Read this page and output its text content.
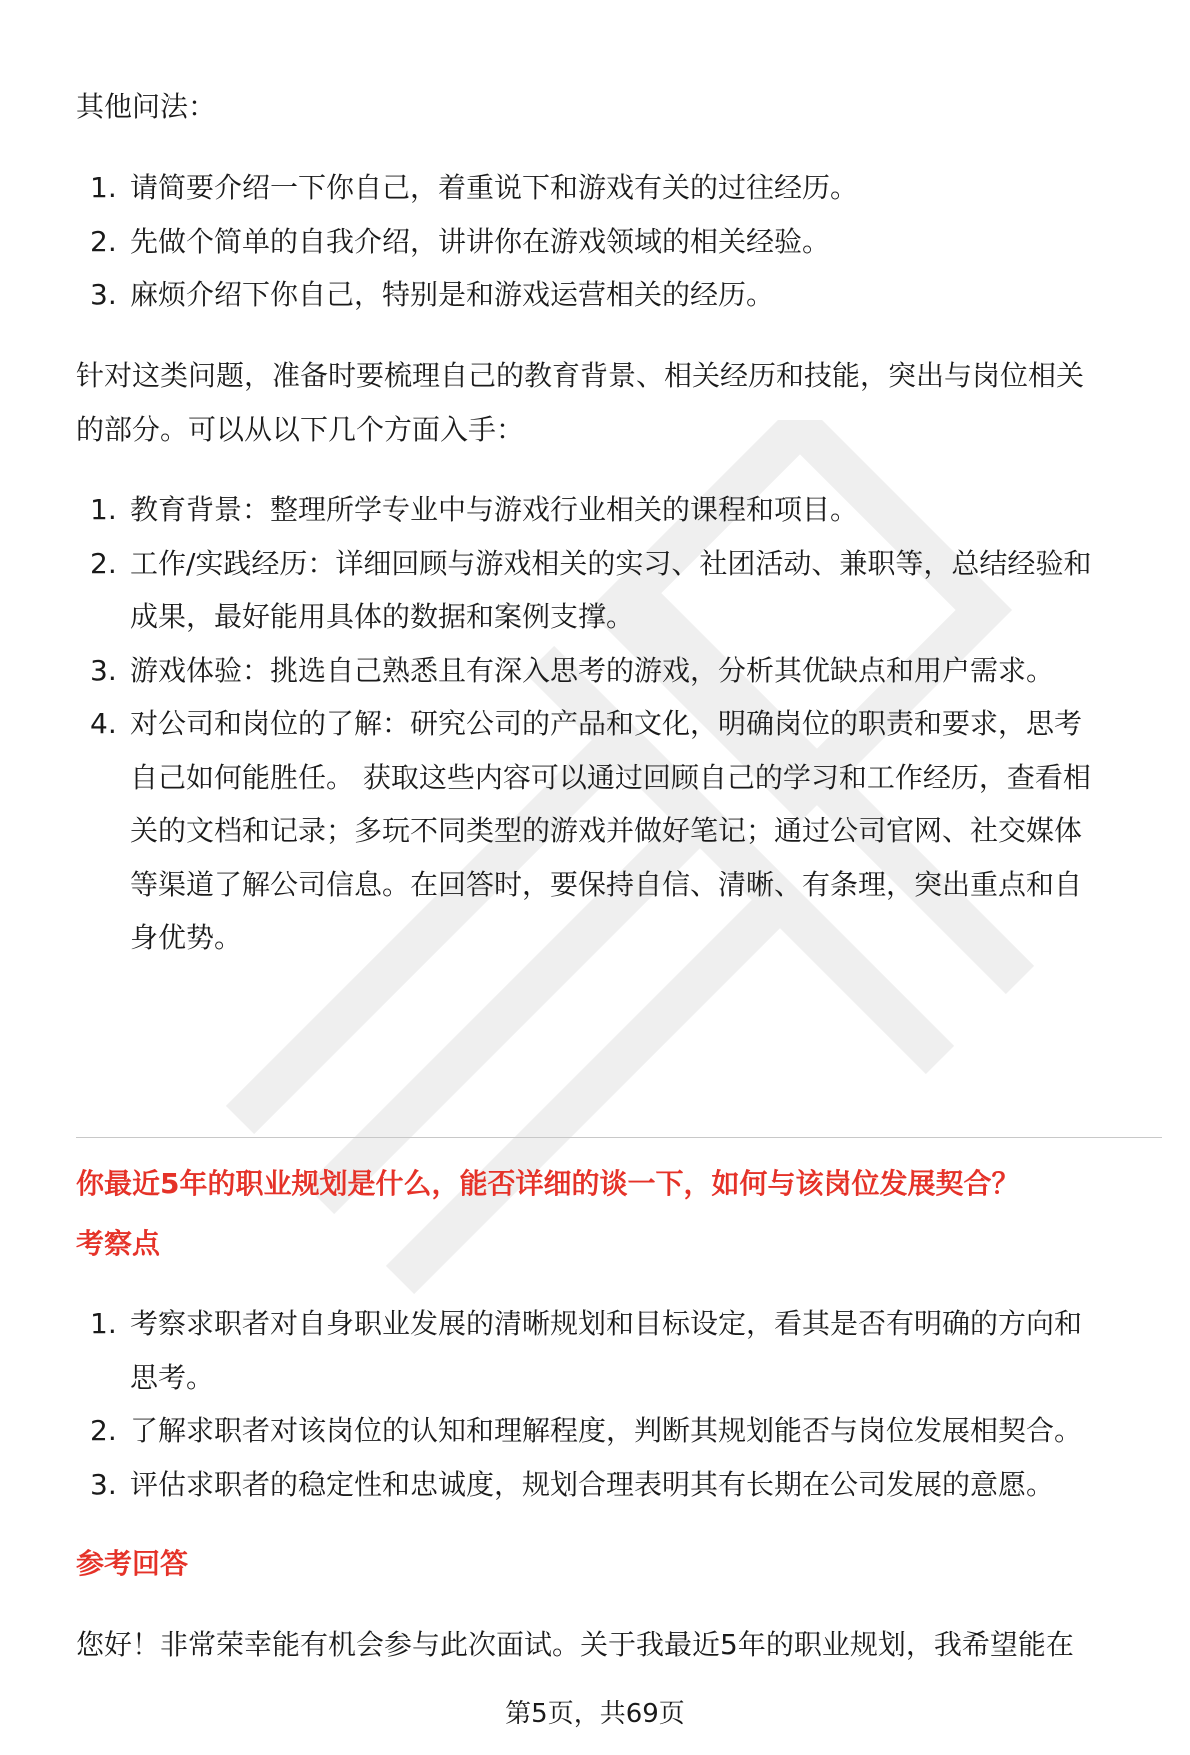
其他问法：
1. 请简要介绍一下你自己，着重说下和游戏有关的过往经历。
2. 先做个简单的自我介绍，讲讲你在游戏领域的相关经验。
3. 麻烦介绍下你自己，特别是和游戏运营相关的经历。
针对这类问题，准备时要梳理自己的教育背景、相关经历和技能，突出与岗位相关
的部分。可以从以下几个方面入手：
1. 教育背景：整理所学专业中与游戏行业相关的课程和项目。
2. 工作/实践经历：详细回顾与游戏相关的实习、社团活动、兼职等，总结经验和
成果，最好能用具体的数据和案例支撑。
3. 游戏体验：挑选自己熟悉且有深入思考的游戏，分析其优缺点和用户需求。
4. 对公司和岗位的了解：研究公司的产品和文化，明确岗位的职责和要求，思考
自己如何能胜任。 获取这些内容可以通过回顾自己的学习和工作经历，查看相
关的文档和记录；多玩不同类型的游戏并做好笔记；通过公司官网、社交媒体
等渠道了解公司信息。在回答时，要保持自信、清晰、有条理，突出重点和自
身优势。
你最近5年的职业规划是什么，能否详细的谈一下，如何与该岗位发展契合？
考察点
1. 考察求职者对自身职业发展的清晰规划和目标设定，看其是否有明确的方向和
思考。
2. 了解求职者对该岗位的认知和理解程度，判断其规划能否与岗位发展相契合。
3. 评估求职者的稳定性和忠诚度，规划合理表明其有长期在公司发展的意愿。
参考回答
您好！非常荣幸能有机会参与此次面试。关于我最近5年的职业规划，我希望能在
第5页，共69页
